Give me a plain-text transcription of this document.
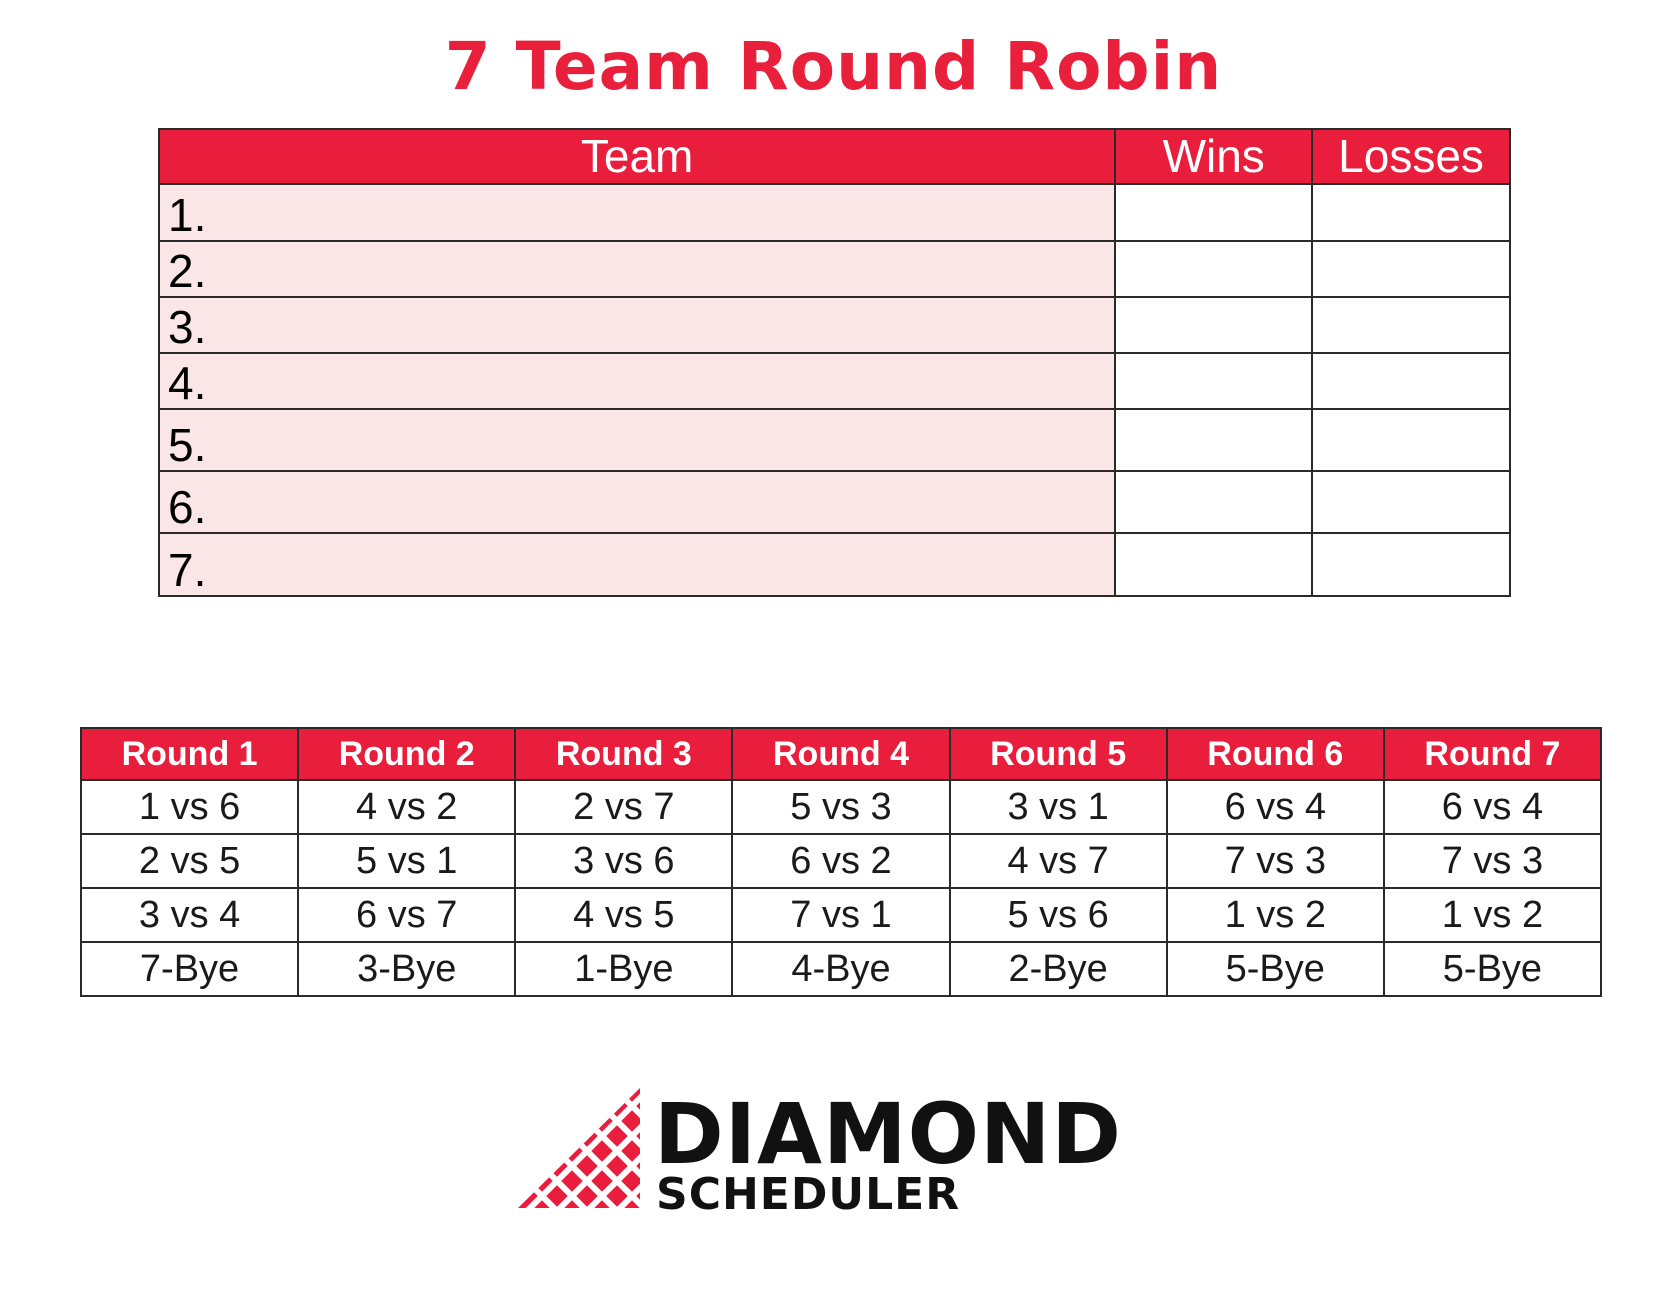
7 Team Round Robin
Team	Wins	Losses
1.		
2.		
3.		
4.		
5.		
6.		
7.		
Round 1	Round 2	Round 3	Round 4	Round 5	Round 6	Round 7
1 vs 6	4 vs 2	2 vs 7	5 vs 3	3 vs 1	6 vs 4	6 vs 4
2 vs 5	5 vs 1	3 vs 6	6 vs 2	4 vs 7	7 vs 3	7 vs 3
3 vs 4	6 vs 7	4 vs 5	7 vs 1	5 vs 6	1 vs 2	1 vs 2
7-Bye	3-Bye	1-Bye	4-Bye	2-Bye	5-Bye	5-Bye
DIAMOND
SCHEDULER
